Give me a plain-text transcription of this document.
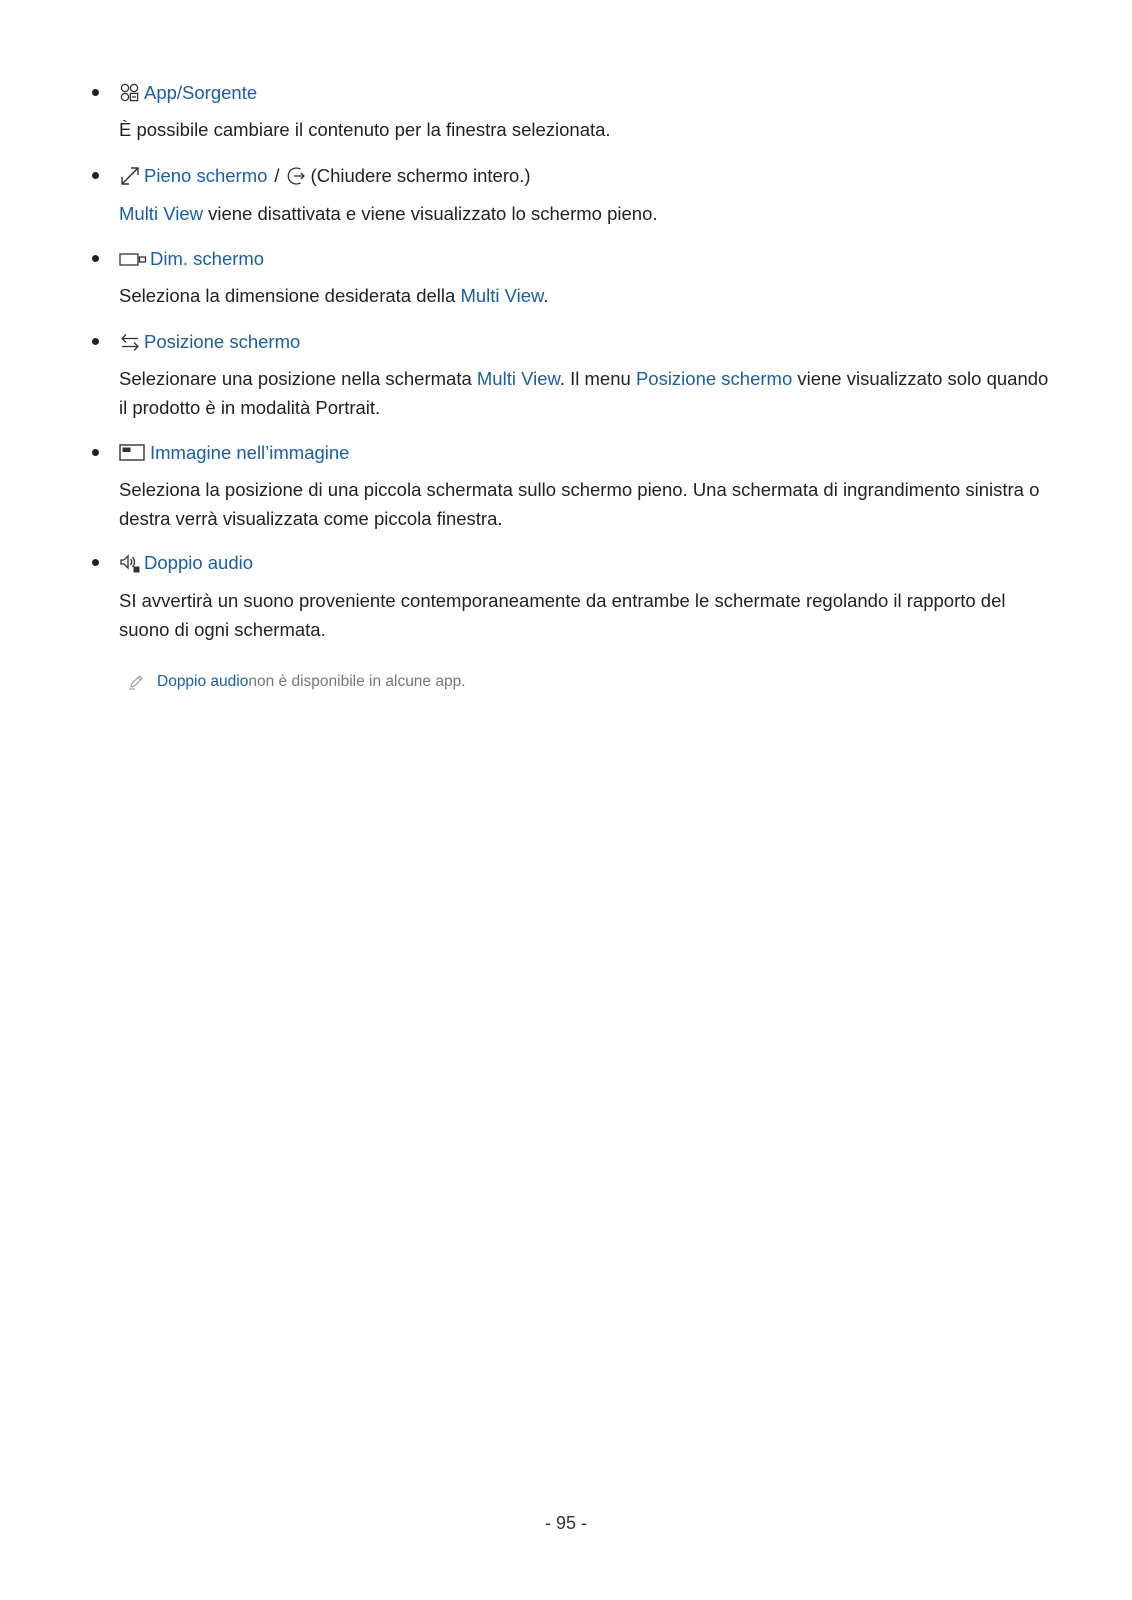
App/Sorgente

È possibile cambiare il contenuto per la finestra selezionata.

Pieno schermo / (Chiudere schermo intero.)

Multi View viene disattivata e viene visualizzato lo schermo pieno.

Dim. schermo

Seleziona la dimensione desiderata della Multi View.

Posizione schermo

Selezionare una posizione nella schermata Multi View. Il menu Posizione schermo viene visualizzato solo quando il prodotto è in modalità Portrait.

Immagine nell’immagine

Seleziona la posizione di una piccola schermata sullo schermo pieno. Una schermata di ingrandimento sinistra o destra verrà visualizzata come piccola finestra.

Doppio audio

SI avvertirà un suono proveniente contemporaneamente da entrambe le schermate regolando il rapporto del suono di ogni schermata.

Doppio audio non è disponibile in alcune app.
- 95 -
